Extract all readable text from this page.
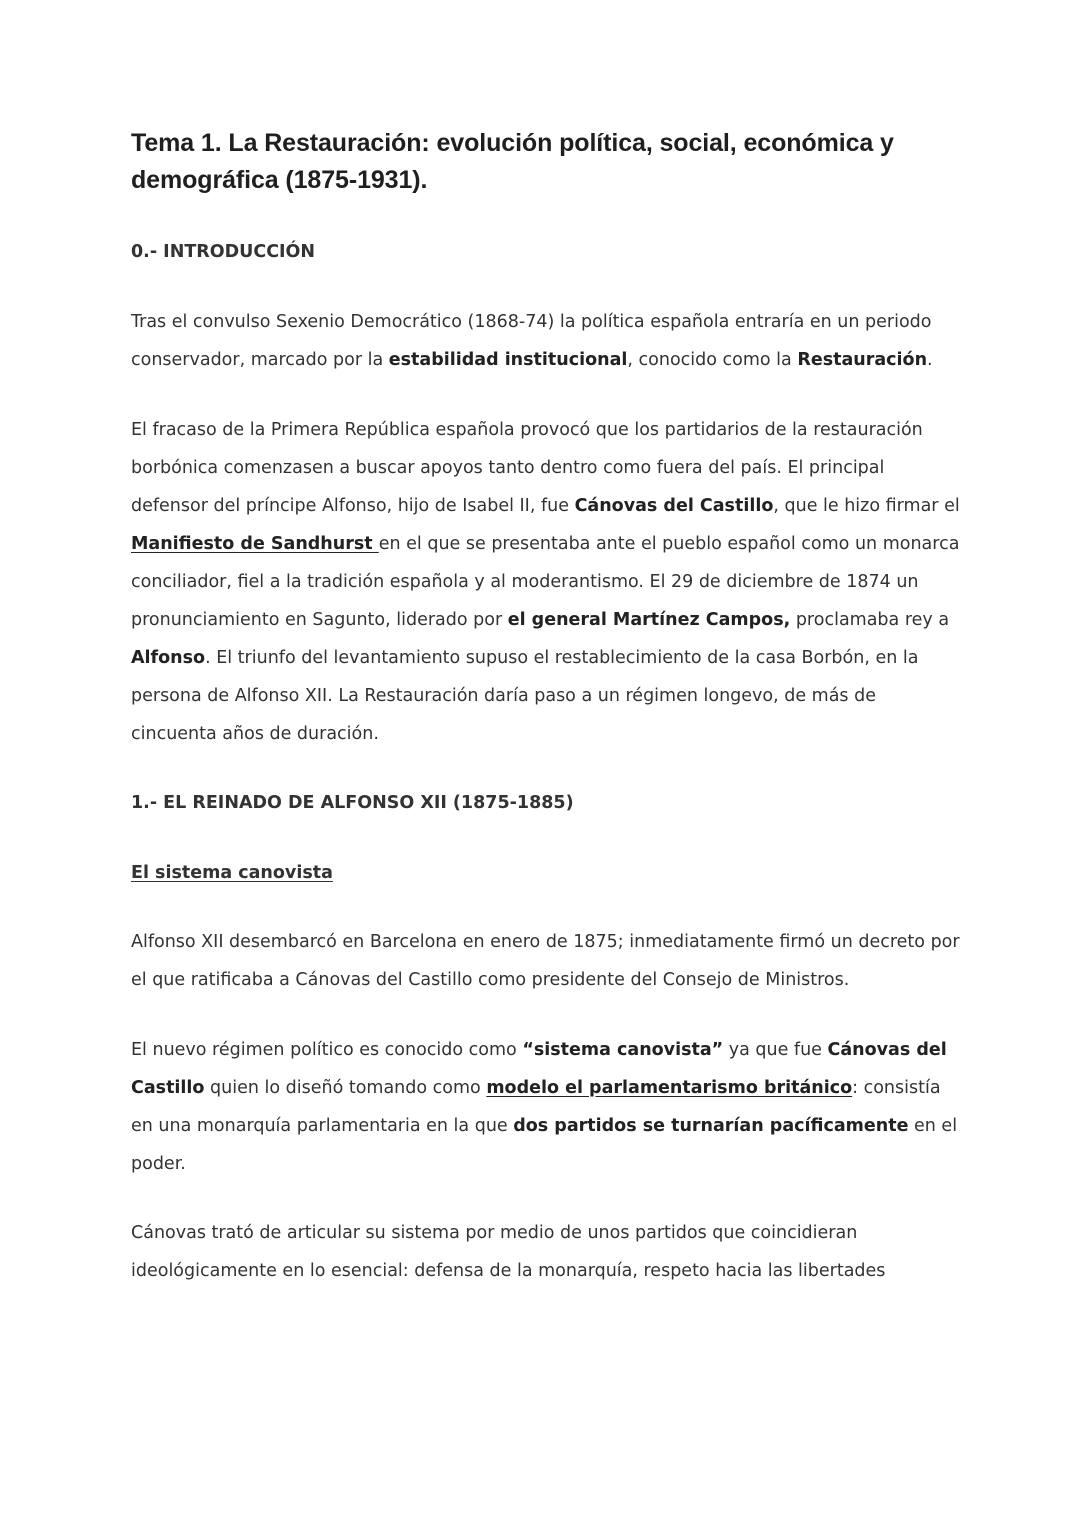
Tema 1. La Restauración: evolución política, social, económica y demográfica (1875-1931).

0.- INTRODUCCIÓN

Tras el convulso Sexenio Democrático (1868-74) la política española entraría en un periodo conservador, marcado por la estabilidad institucional, conocido como la Restauración.

El fracaso de la Primera República española provocó que los partidarios de la restauración borbónica comenzasen a buscar apoyos tanto dentro como fuera del país. El principal defensor del príncipe Alfonso, hijo de Isabel II, fue Cánovas del Castillo, que le hizo firmar el Manifiesto de Sandhurst en el que se presentaba ante el pueblo español como un monarca conciliador, fiel a la tradición española y al moderantismo. El 29 de diciembre de 1874 un pronunciamiento en Sagunto, liderado por el general Martínez Campos, proclamaba rey a Alfonso. El triunfo del levantamiento supuso el restablecimiento de la casa Borbón, en la persona de Alfonso XII. La Restauración daría paso a un régimen longevo, de más de cincuenta años de duración.

1.- EL REINADO DE ALFONSO XII (1875-1885)

El sistema canovista

Alfonso XII desembarcó en Barcelona en enero de 1875; inmediatamente firmó un decreto por el que ratificaba a Cánovas del Castillo como presidente del Consejo de Ministros.

El nuevo régimen político es conocido como “sistema canovista” ya que fue Cánovas del Castillo quien lo diseñó tomando como modelo el parlamentarismo británico: consistía en una monarquía parlamentaria en la que dos partidos se turnarían pacíficamente en el poder.

Cánovas trató de articular su sistema por medio de unos partidos que coincidieran ideológicamente en lo esencial: defensa de la monarquía, respeto hacia las libertades
